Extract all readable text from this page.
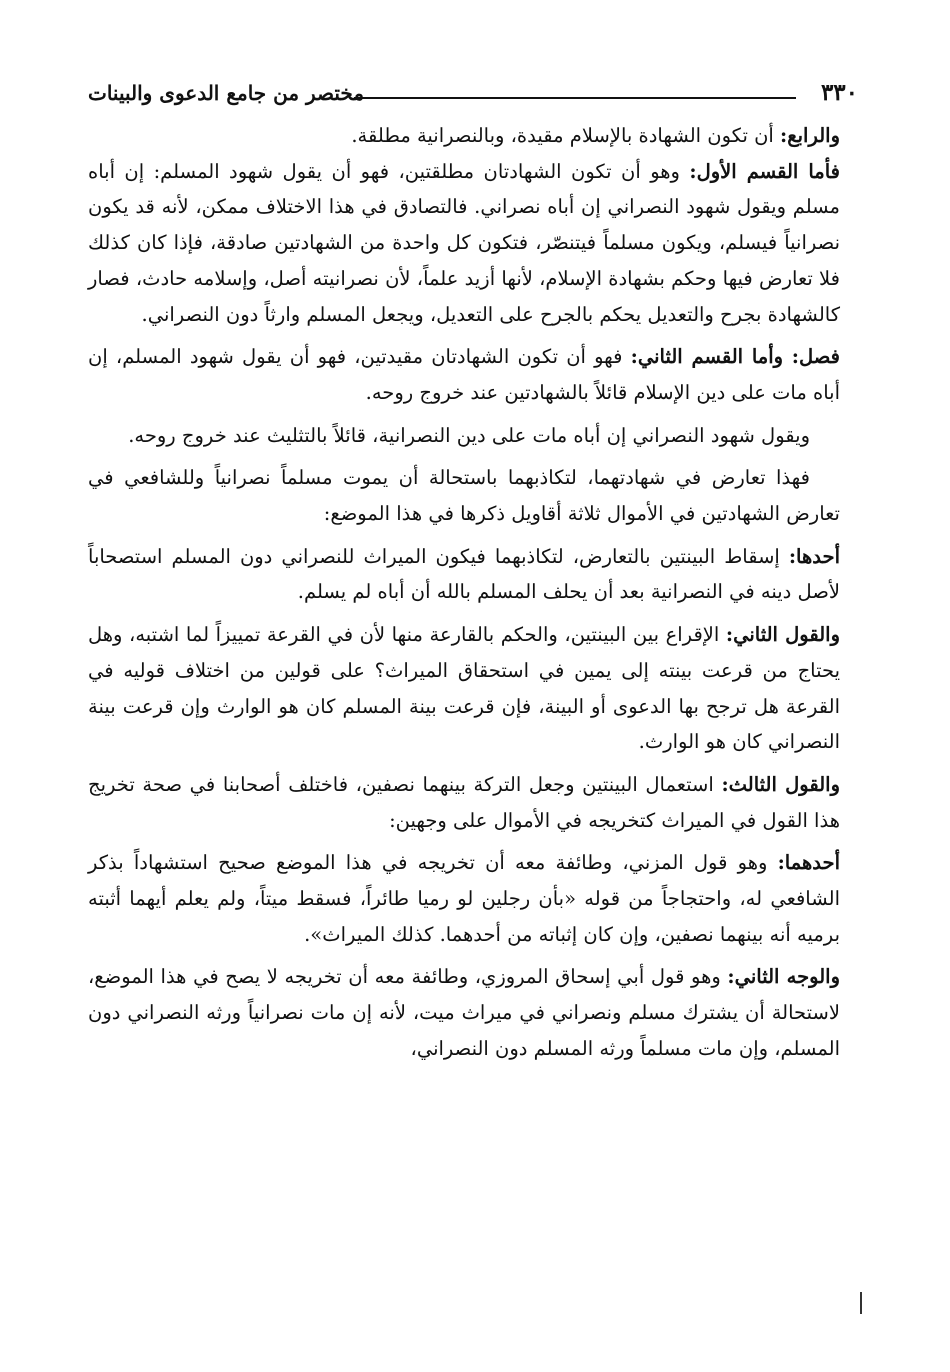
٣٣٠
مختصر من جامع الدعوى والبينات

والرابع: أن تكون الشهادة بالإسلام مقيدة، وبالنصرانية مطلقة.

فأما القسم الأول: وهو أن تكون الشهادتان مطلقتين، فهو أن يقول شهود المسلم: إن أباه مسلم ويقول شهود النصراني إن أباه نصراني. فالتصادق في هذا الاختلاف ممكن، لأنه قد يكون نصرانياً فيسلم، ويكون مسلماً فيتنصّر، فتكون كل واحدة من الشهادتين صادقة، فإذا كان كذلك فلا تعارض فيها وحكم بشهادة الإسلام، لأنها أزيد علماً، لأن نصرانيته أصل، وإسلامه حادث، فصار كالشهادة بجرح والتعديل يحكم بالجرح على التعديل، ويجعل المسلم وارثاً دون النصراني.

فصل: وأما القسم الثاني: فهو أن تكون الشهادتان مقيدتين، فهو أن يقول شهود المسلم، إن أباه مات على دين الإسلام قائلاً بالشهادتين عند خروج روحه.

ويقول شهود النصراني إن أباه مات على دين النصرانية، قائلاً بالتثليث عند خروج روحه.

فهذا تعارض في شهادتهما، لتكاذبهما باستحالة أن يموت مسلماً نصرانياً وللشافعي في تعارض الشهادتين في الأموال ثلاثة أقاويل ذكرها في هذا الموضع:

أحدها: إسقاط البينتين بالتعارض، لتكاذبهما فيكون الميراث للنصراني دون المسلم استصحاباً لأصل دينه في النصرانية بعد أن يحلف المسلم بالله أن أباه لم يسلم.

والقول الثاني: الإقراع بين البينتين، والحكم بالقارعة منها لأن في القرعة تمييزاً لما اشتبه، وهل يحتاج من قرعت بينته إلى يمين في استحقاق الميراث؟ على قولين من اختلاف قوليه في القرعة هل ترجح بها الدعوى أو البينة، فإن قرعت بينة المسلم كان هو الوارث وإن قرعت بينة النصراني كان هو الوارث.

والقول الثالث: استعمال البينتين وجعل التركة بينهما نصفين، فاختلف أصحابنا في صحة تخريج هذا القول في الميراث كتخريجه في الأموال على وجهين:

أحدهما: وهو قول المزني، وطائفة معه أن تخريجه في هذا الموضع صحيح استشهاداً بذكر الشافعي له، واحتجاجاً من قوله «بأن رجلين لو رميا طائراً، فسقط ميتاً، ولم يعلم أيهما أثبته برميه أنه بينهما نصفين، وإن كان إثباته من أحدهما. كذلك الميراث».

والوجه الثاني: وهو قول أبي إسحاق المروزي، وطائفة معه أن تخريجه لا يصح في هذا الموضع، لاستحالة أن يشترك مسلم ونصراني في ميراث ميت، لأنه إن مات نصرانياً ورثه النصراني دون المسلم، وإن مات مسلماً ورثه المسلم دون النصراني،
